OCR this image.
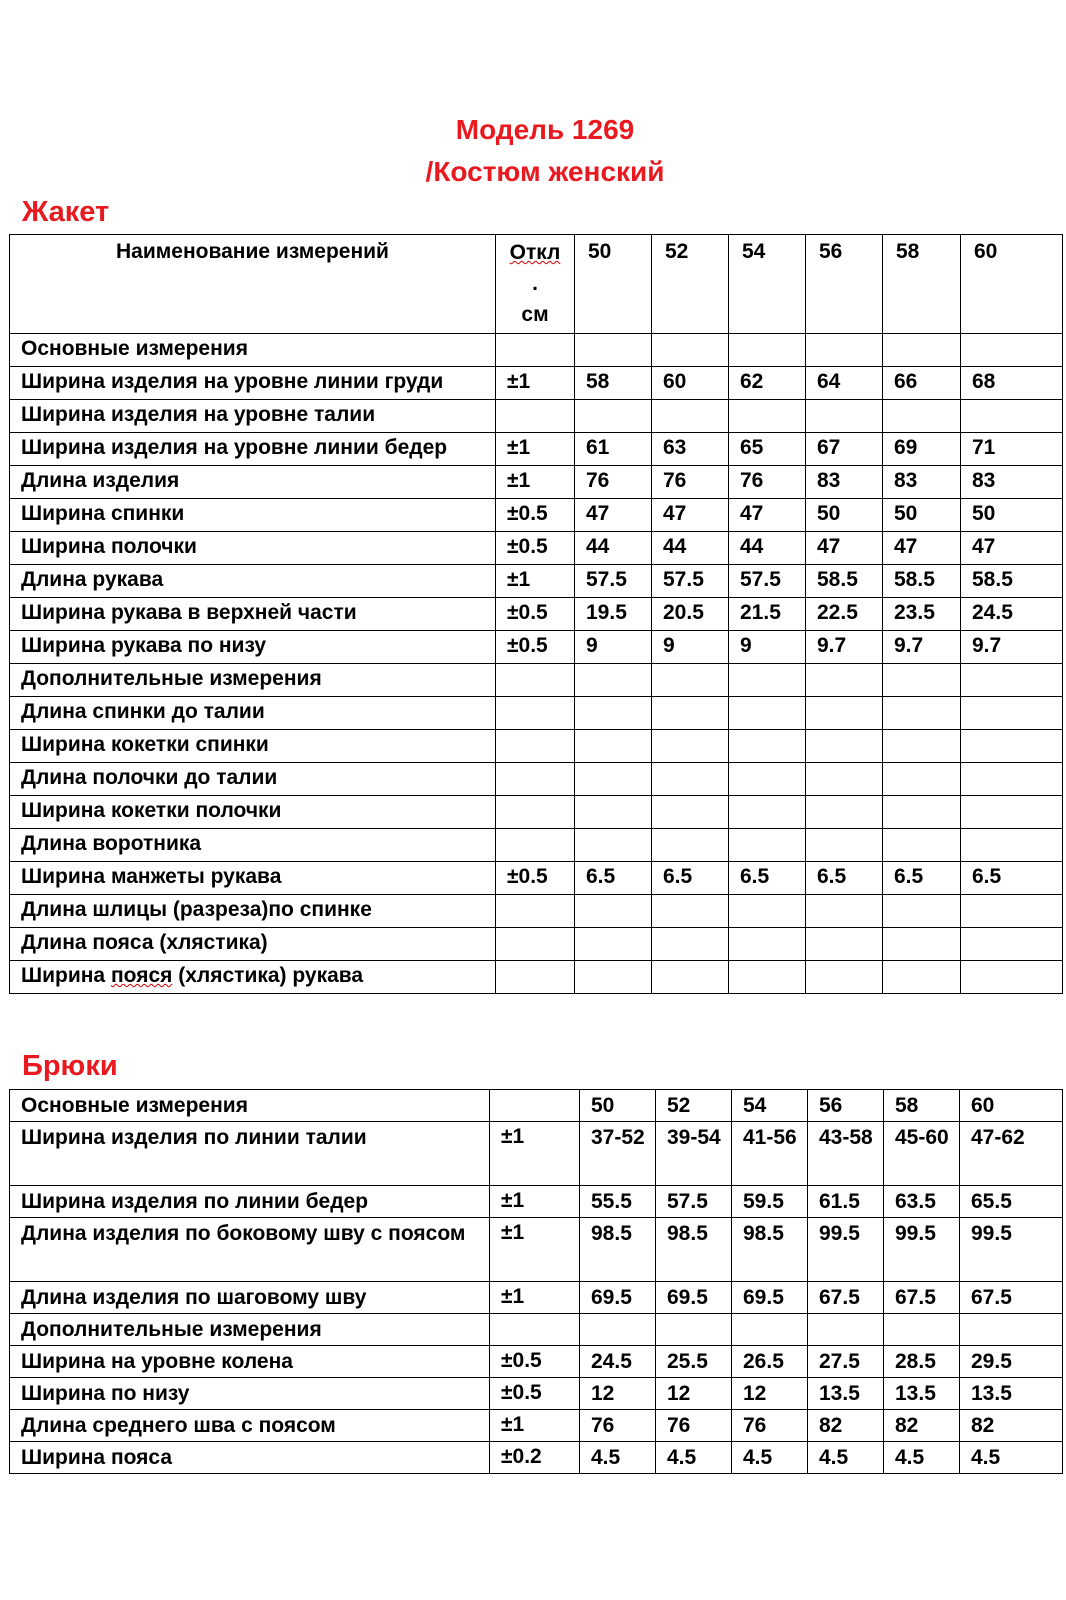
Модель 1269
/Костюм женский
Жакет
Наименование измерений	Откл
.
см	50	52	54	56	58	60
Основные измерения							
Ширина изделия на уровне линии груди	±1	58	60	62	64	66	68
Ширина изделия на уровне талии							
Ширина изделия на уровне линии бедер	±1	61	63	65	67	69	71
Длина изделия	±1	76	76	76	83	83	83
Ширина спинки	±0.5	47	47	47	50	50	50
Ширина полочки	±0.5	44	44	44	47	47	47
Длина рукава	±1	57.5	57.5	57.5	58.5	58.5	58.5
Ширина рукава в верхней части	±0.5	19.5	20.5	21.5	22.5	23.5	24.5
Ширина рукава по низу	±0.5	9	9	9	9.7	9.7	9.7
Дополнительные измерения							
Длина спинки до талии							
Ширина кокетки спинки							
Длина полочки до талии							
Ширина кокетки полочки							
Длина воротника							
Ширина манжеты рукава	±0.5	6.5	6.5	6.5	6.5	6.5	6.5
Длина шлицы (разреза)по спинке							
Длина пояса (хлястика)							
Ширина пояся (хлястика) рукава							
Брюки
Основные измерения		50	52	54	56	58	60
Ширина изделия по линии талии	±1	37-52	39-54	41-56	43-58	45-60	47-62
Ширина изделия по линии бедер	±1	55.5	57.5	59.5	61.5	63.5	65.5
Длина изделия по боковому шву с поясом	±1	98.5	98.5	98.5	99.5	99.5	99.5
Длина изделия по шаговому шву	±1	69.5	69.5	69.5	67.5	67.5	67.5
Дополнительные измерения							
Ширина на уровне колена	±0.5	24.5	25.5	26.5	27.5	28.5	29.5
Ширина по низу	±0.5	12	12	12	13.5	13.5	13.5
Длина среднего шва с поясом	±1	76	76	76	82	82	82
Ширина пояса	±0.2	4.5	4.5	4.5	4.5	4.5	4.5
